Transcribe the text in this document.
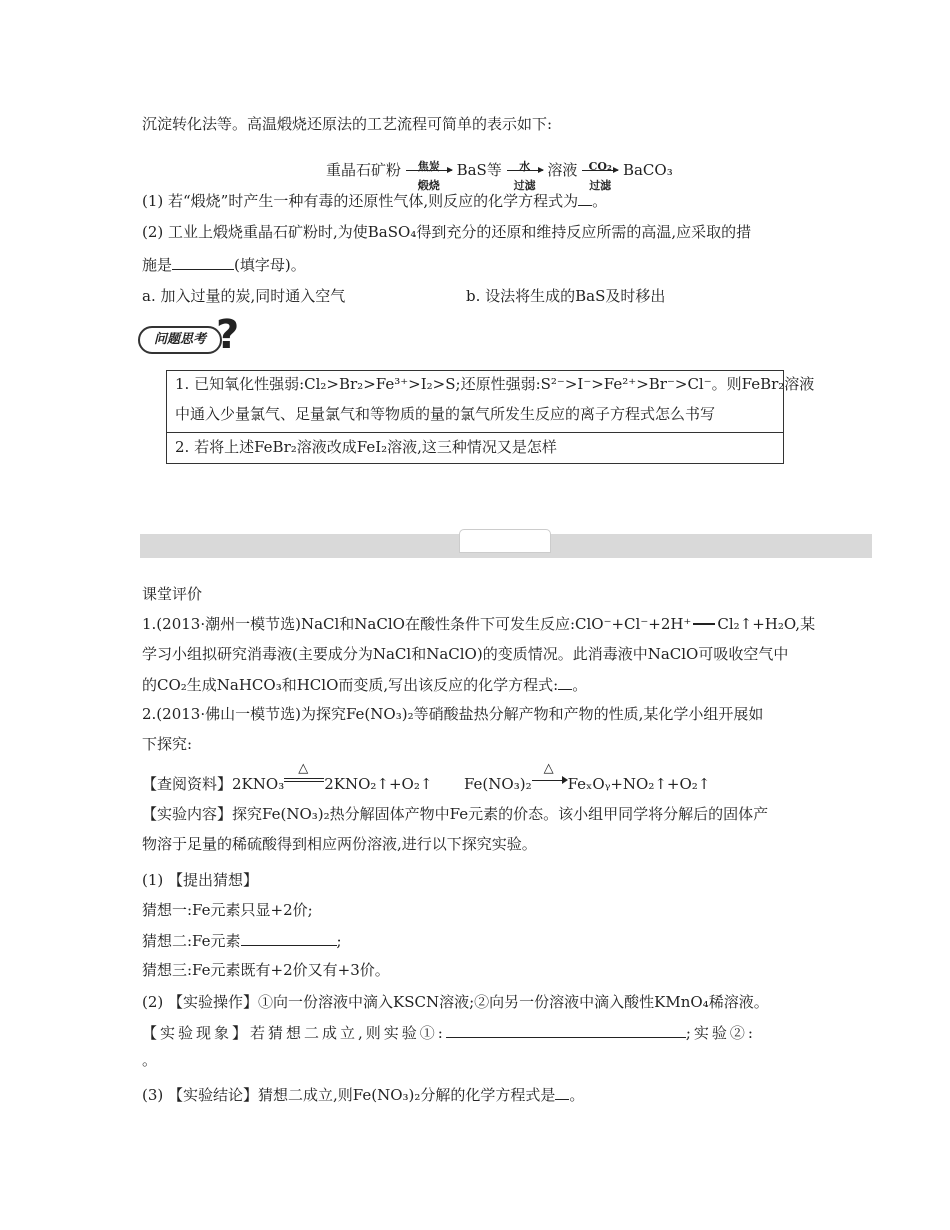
沉淀转化法等。高温煅烧还原法的工艺流程可简单的表示如下:
重晶石矿粉	焦炭
煅烧
BaS等	水
过滤
溶液	CO₂
过滤
BaCO₃
(1) 若“煅烧”时产生一种有毒的还原性气体,则反应的化学方程式为 。
(2) 工业上煅烧重晶石矿粉时,为使BaSO₄得到充分的还原和维持反应所需的高温,应采取的措
施是	(填字母)。
a. 加入过量的炭,同时通入空气	b. 设法将生成的BaS及时移出
问题思考 ?
1. 已知氧化性强弱:Cl₂>Br₂>Fe³⁺>I₂>S;还原性强弱:S²⁻>I⁻>Fe²⁺>Br⁻>Cl⁻。则FeBr₂溶液
中通入少量氯气、足量氯气和等物质的量的氯气所发生反应的离子方程式怎么书写
2. 若将上述FeBr₂溶液改成FeI₂溶液,这三种情况又是怎样
课堂评价
1.(2013·潮州一模节选)NaCl和NaClO在酸性条件下可发生反应:ClO⁻+Cl⁻+2H⁺ Cl₂↑+H₂O,某
学习小组拟研究消毒液(主要成分为NaCl和NaClO)的变质情况。此消毒液中NaClO可吸收空气中
的CO₂生成NaHCO₃和HClO而变质,写出该反应的化学方程式: 。
2.(2013·佛山一模节选)为探究Fe(NO₃)₂等硝酸盐热分解产物和产物的性质,某化学小组开展如
下探究:
【查阅资料】2KNO₃
△
2KNO₂↑+O₂↑ Fe(NO₃)₂
△
FeₓOᵧ+NO₂↑+O₂↑
【实验内容】探究Fe(NO₃)₂热分解固体产物中Fe元素的价态。该小组甲同学将分解后的固体产
物溶于足量的稀硫酸得到相应两份溶液,进行以下探究实验。
(1) 【提出猜想】
猜想一:Fe元素只显+2价;
猜想二:Fe元素	;
猜想三:Fe元素既有+2价又有+3价。
(2) 【实验操作】①向一份溶液中滴入KSCN溶液;②向另一份溶液中滴入酸性KMnO₄稀溶液。
【实验现象】若猜想二成立,则实验①:	;实验②:
。
(3) 【实验结论】猜想二成立,则Fe(NO₃)₂分解的化学方程式是 。
